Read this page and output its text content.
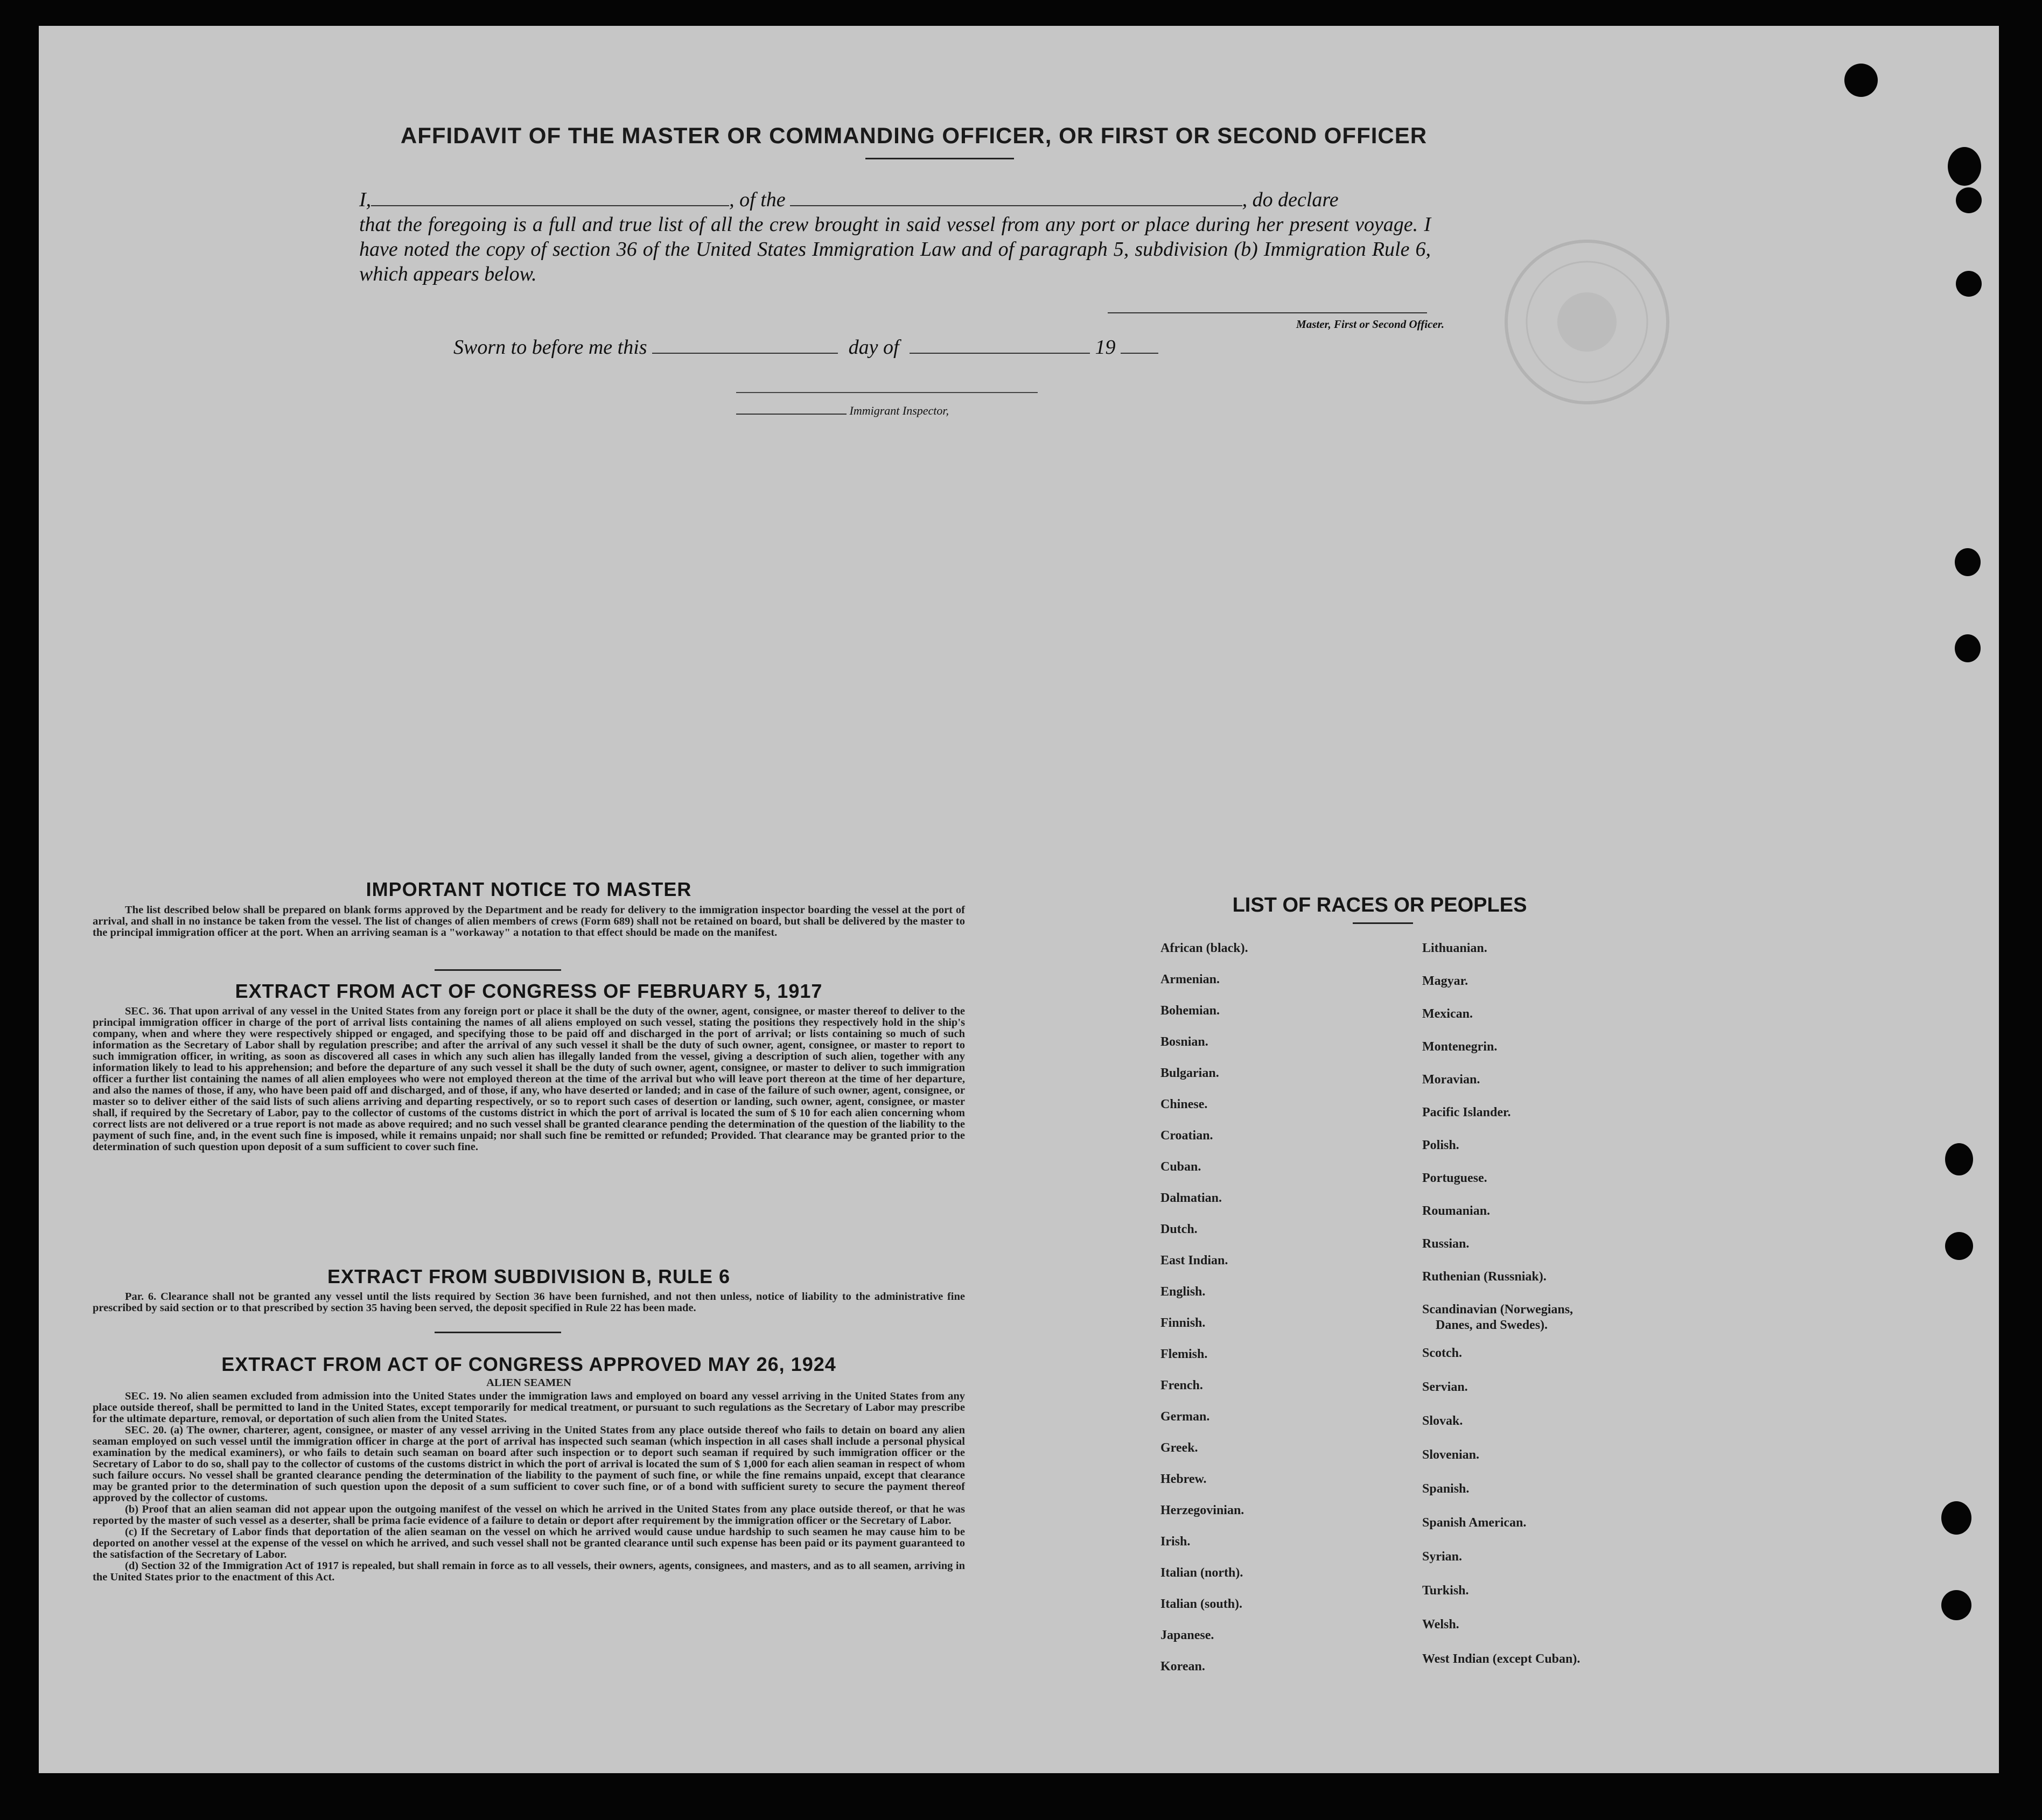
AFFIDAVIT OF THE MASTER OR COMMANDING OFFICER, OR FIRST OR SECOND OFFICER
I,	, of the	, do declare
that the foregoing is a full and true list of all the crew brought in said vessel from any port or place during her present voyage. I have noted the copy of section 36 of the United States Immigration Law and of paragraph 5, subdivision (b) Immigration Rule 6, which appears below.
Master, First or Second Officer.
Sworn to before me this	day of	19
Immigrant Inspector,
IMPORTANT NOTICE TO MASTER
The list described below shall be prepared on blank forms approved by the Department and be ready for delivery to the immigration inspector boarding the vessel at the port of arrival, and shall in no instance be taken from the vessel. The list of changes of alien members of crews (Form 689) shall not be retained on board, but shall be delivered by the master to the principal immigration officer at the port. When an arriving seaman is a "workaway" a notation to that effect should be made on the manifest.
EXTRACT FROM ACT OF CONGRESS OF FEBRUARY 5, 1917
SEC. 36. That upon arrival of any vessel in the United States from any foreign port or place it shall be the duty of the owner, agent, consignee, or master thereof to deliver to the principal immigration officer in charge of the port of arrival lists containing the names of all aliens employed on such vessel, stating the positions they respectively hold in the ship's company, when and where they were respectively shipped or engaged, and specifying those to be paid off and discharged in the port of arrival; or lists containing so much of such information as the Secretary of Labor shall by regulation prescribe; and after the arrival of any such vessel it shall be the duty of such owner, agent, consignee, or master to report to such immigration officer, in writing, as soon as discovered all cases in which any such alien has illegally landed from the vessel, giving a description of such alien, together with any information likely to lead to his apprehension; and before the departure of any such vessel it shall be the duty of such owner, agent, consignee, or master to deliver to such immigration officer a further list containing the names of all alien employees who were not employed thereon at the time of the arrival but who will leave port thereon at the time of her departure, and also the names of those, if any, who have been paid off and discharged, and of those, if any, who have deserted or landed; and in case of the failure of such owner, agent, consignee, or master so to deliver either of the said lists of such aliens arriving and departing respectively, or so to report such cases of desertion or landing, such owner, agent, consignee, or master shall, if required by the Secretary of Labor, pay to the collector of customs of the customs district in which the port of arrival is located the sum of $ 10 for each alien concerning whom correct lists are not delivered or a true report is not made as above required; and no such vessel shall be granted clearance pending the determination of the question of the liability to the payment of such fine, and, in the event such fine is imposed, while it remains unpaid; nor shall such fine be remitted or refunded; Provided. That clearance may be granted prior to the determination of such question upon deposit of a sum sufficient to cover such fine.
EXTRACT FROM SUBDIVISION B, RULE 6
Par. 6. Clearance shall not be granted any vessel until the lists required by Section 36 have been furnished, and not then unless, notice of liability to the administrative fine prescribed by said section or to that prescribed by section 35 having been served, the deposit specified in Rule 22 has been made.
EXTRACT FROM ACT OF CONGRESS APPROVED MAY 26, 1924
ALIEN SEAMEN
SEC. 19. No alien seamen excluded from admission into the United States under the immigration laws and employed on board any vessel arriving in the United States from any place outside thereof, shall be permitted to land in the United States, except temporarily for medical treatment, or pursuant to such regulations as the Secretary of Labor may prescribe for the ultimate departure, removal, or deportation of such alien from the United States.
SEC. 20. (a) The owner, charterer, agent, consignee, or master of any vessel arriving in the United States from any place outside thereof who fails to detain on board any alien seaman employed on such vessel until the immigration officer in charge at the port of arrival has inspected such seaman (which inspection in all cases shall include a personal physical examination by the medical examiners), or who fails to detain such seaman on board after such inspection or to deport such seaman if required by such immigration officer or the Secretary of Labor to do so, shall pay to the collector of customs of the customs district in which the port of arrival is located the sum of $ 1,000 for each alien seaman in respect of whom such failure occurs. No vessel shall be granted clearance pending the determination of the liability to the payment of such fine, or while the fine remains unpaid, except that clearance may be granted prior to the determination of such question upon the deposit of a sum sufficient to cover such fine, or of a bond with sufficient surety to secure the payment thereof approved by the collector of customs.
(b) Proof that an alien seaman did not appear upon the outgoing manifest of the vessel on which he arrived in the United States from any place outside thereof, or that he was reported by the master of such vessel as a deserter, shall be prima facie evidence of a failure to detain or deport after requirement by the immigration officer or the Secretary of Labor.
(c) If the Secretary of Labor finds that deportation of the alien seaman on the vessel on which he arrived would cause undue hardship to such seamen he may cause him to be deported on another vessel at the expense of the vessel on which he arrived, and such vessel shall not be granted clearance until such expense has been paid or its payment guaranteed to the satisfaction of the Secretary of Labor.
(d) Section 32 of the Immigration Act of 1917 is repealed, but shall remain in force as to all vessels, their owners, agents, consignees, and masters, and as to all seamen, arriving in the United States prior to the enactment of this Act.
LIST OF RACES OR PEOPLES
African (black).
Armenian.
Bohemian.
Bosnian.
Bulgarian.
Chinese.
Croatian.
Cuban.
Dalmatian.
Dutch.
East Indian.
English.
Finnish.
Flemish.
French.
German.
Greek.
Hebrew.
Herzegovinian.
Irish.
Italian (north).
Italian (south).
Japanese.
Korean.
Lithuanian.
Magyar.
Mexican.
Montenegrin.
Moravian.
Pacific Islander.
Polish.
Portuguese.
Roumanian.
Russian.
Ruthenian (Russniak).
Scandinavian (Norwegians,
Danes, and Swedes).
Scotch.
Servian.
Slovak.
Slovenian.
Spanish.
Spanish American.
Syrian.
Turkish.
Welsh.
West Indian (except Cuban).
